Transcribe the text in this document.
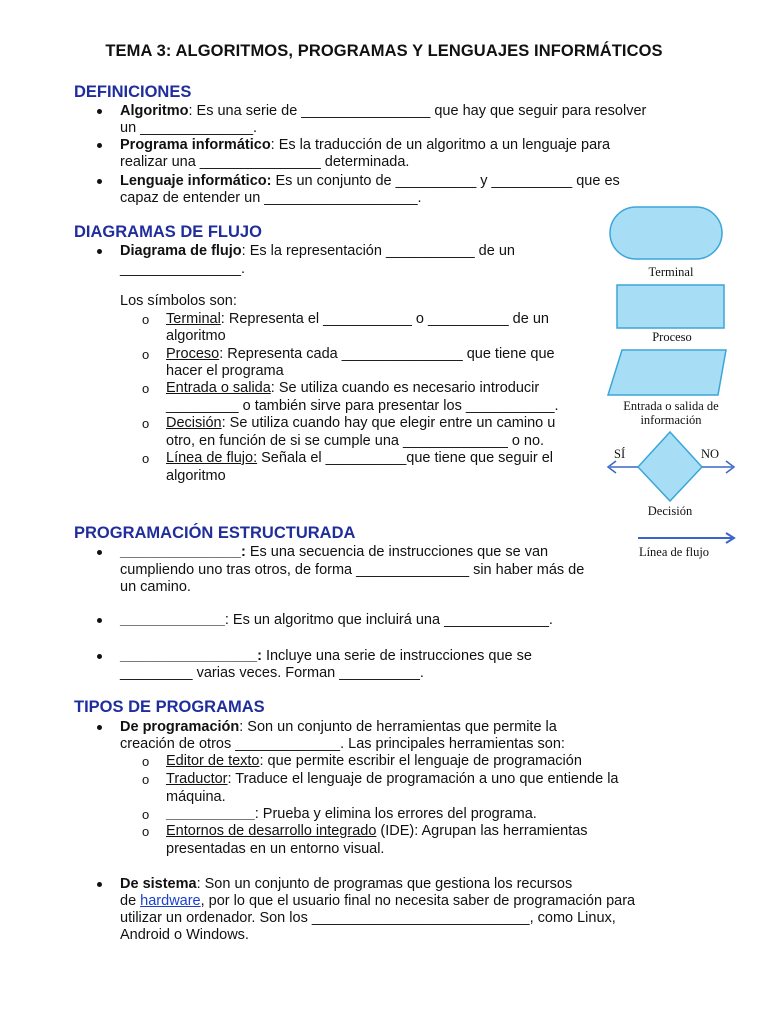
TEMA 3: ALGORITMOS, PROGRAMAS Y LENGUAJES INFORMÁTICOS
DEFINICIONES
Algoritmo: Es una serie de ________________ que hay que seguir para resolver
un ______________.
Programa informático: Es la traducción de un algoritmo a un lenguaje para
realizar una _______________ determinada.
Lenguaje informático: Es un conjunto de __________ y __________ que es
capaz de entender un ___________________.
DIAGRAMAS DE FLUJO
Diagrama de flujo: Es la representación ___________ de un
_______________.
Los símbolos son:
o Terminal: Representa el ___________ o __________ de un
algoritmo
o Proceso: Representa cada _______________ que tiene que
hacer el programa
o Entrada o salida: Se utiliza cuando es necesario introducir
_________ o también sirve para presentar los ___________.
o Decisión: Se utiliza cuando hay que elegir entre un camino u
otro, en función de si se cumple una _____________ o no.
o Línea de flujo: Señala el __________que tiene que seguir el
algoritmo
Terminal
Proceso
Entrada o salida de
información
SÍ	NO
Decisión
Línea de flujo
PROGRAMACIÓN ESTRUCTURADA
_______________: Es una secuencia de instrucciones que se van
cumpliendo uno tras otros, de forma ______________ sin haber más de
un camino.
_____________: Es un algoritmo que incluirá una _____________.
_________________: Incluye una serie de instrucciones que se
_________ varias veces. Forman __________.
TIPOS DE PROGRAMAS
De programación: Son un conjunto de herramientas que permite la
creación de otros _____________. Las principales herramientas son:
o Editor de texto: que permite escribir el lenguaje de programación
o Traductor: Traduce el lenguaje de programación a uno que entiende la
máquina.
o ___________: Prueba y elimina los errores del programa.
o Entornos de desarrollo integrado (IDE): Agrupan las herramientas
presentadas en un entorno visual.
De sistema: Son un conjunto de programas que gestiona los recursos
de hardware, por lo que el usuario final no necesita saber de programación para
utilizar un ordenador. Son los ___________________________, como Linux,
Android o Windows.
